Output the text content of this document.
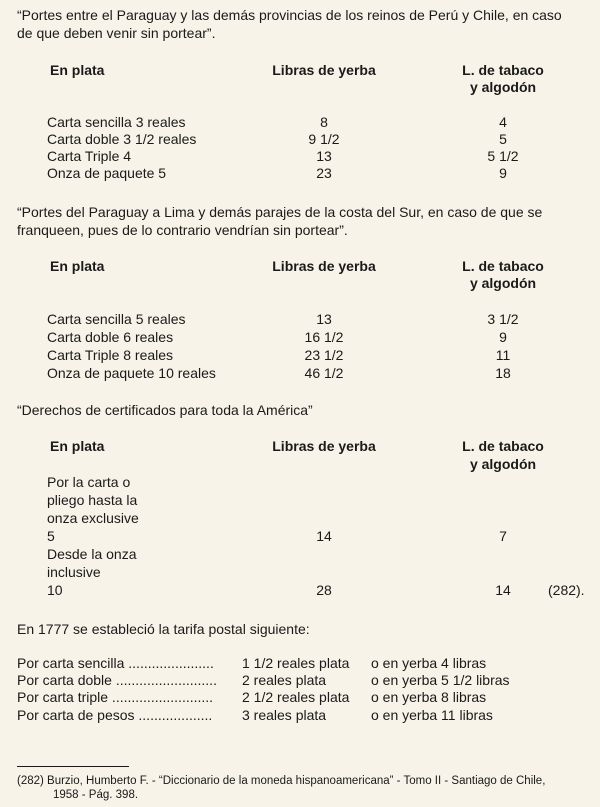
“Portes entre el Paraguay y las demás provincias de los reinos de Perú y Chile, en caso
de que deben venir sin portear”.
En plata	Libras de yerba	L. de tabaco
y algodón
Carta sencilla 3 reales	8	4
Carta doble 3 1/2 reales	9 1/2	5
Carta Triple 4	13	5 1/2
Onza de paquete 5	23	9
“Portes del Paraguay a Lima y demás parajes de la costa del Sur, en caso de que se
franqueen, pues de lo contrario vendrían sin portear”.
En plata	Libras de yerba	L. de tabaco
y algodón
Carta sencilla 5 reales	13	3 1/2
Carta doble 6 reales	16 1/2	9
Carta Triple 8 reales	23 1/2	11
Onza de paquete 10 reales	46 1/2	18
“Derechos de certificados para toda la América”
En plata	Libras de yerba	L. de tabaco
y algodón
Por la carta o
pliego hasta la
onza exclusive
5	14	7
Desde la onza
inclusive
10	28	14	(282).
En 1777 se estableció la tarifa postal siguiente:
Por carta sencilla ...................... 1 1/2 reales plata o en yerba 4 libras
Por carta doble .......................... 2 reales plata	o en yerba 5 1/2 libras
Por carta triple .......................... 2 1/2 reales plata o en yerba 8 libras
Por carta de pesos ................... 3 reales plata	o en yerba 11 libras
(282) Burzio, Humberto F. - “Diccionario de la moneda hispanoamericana” - Tomo II - Santiago de Chile,
1958 - Pág. 398.
